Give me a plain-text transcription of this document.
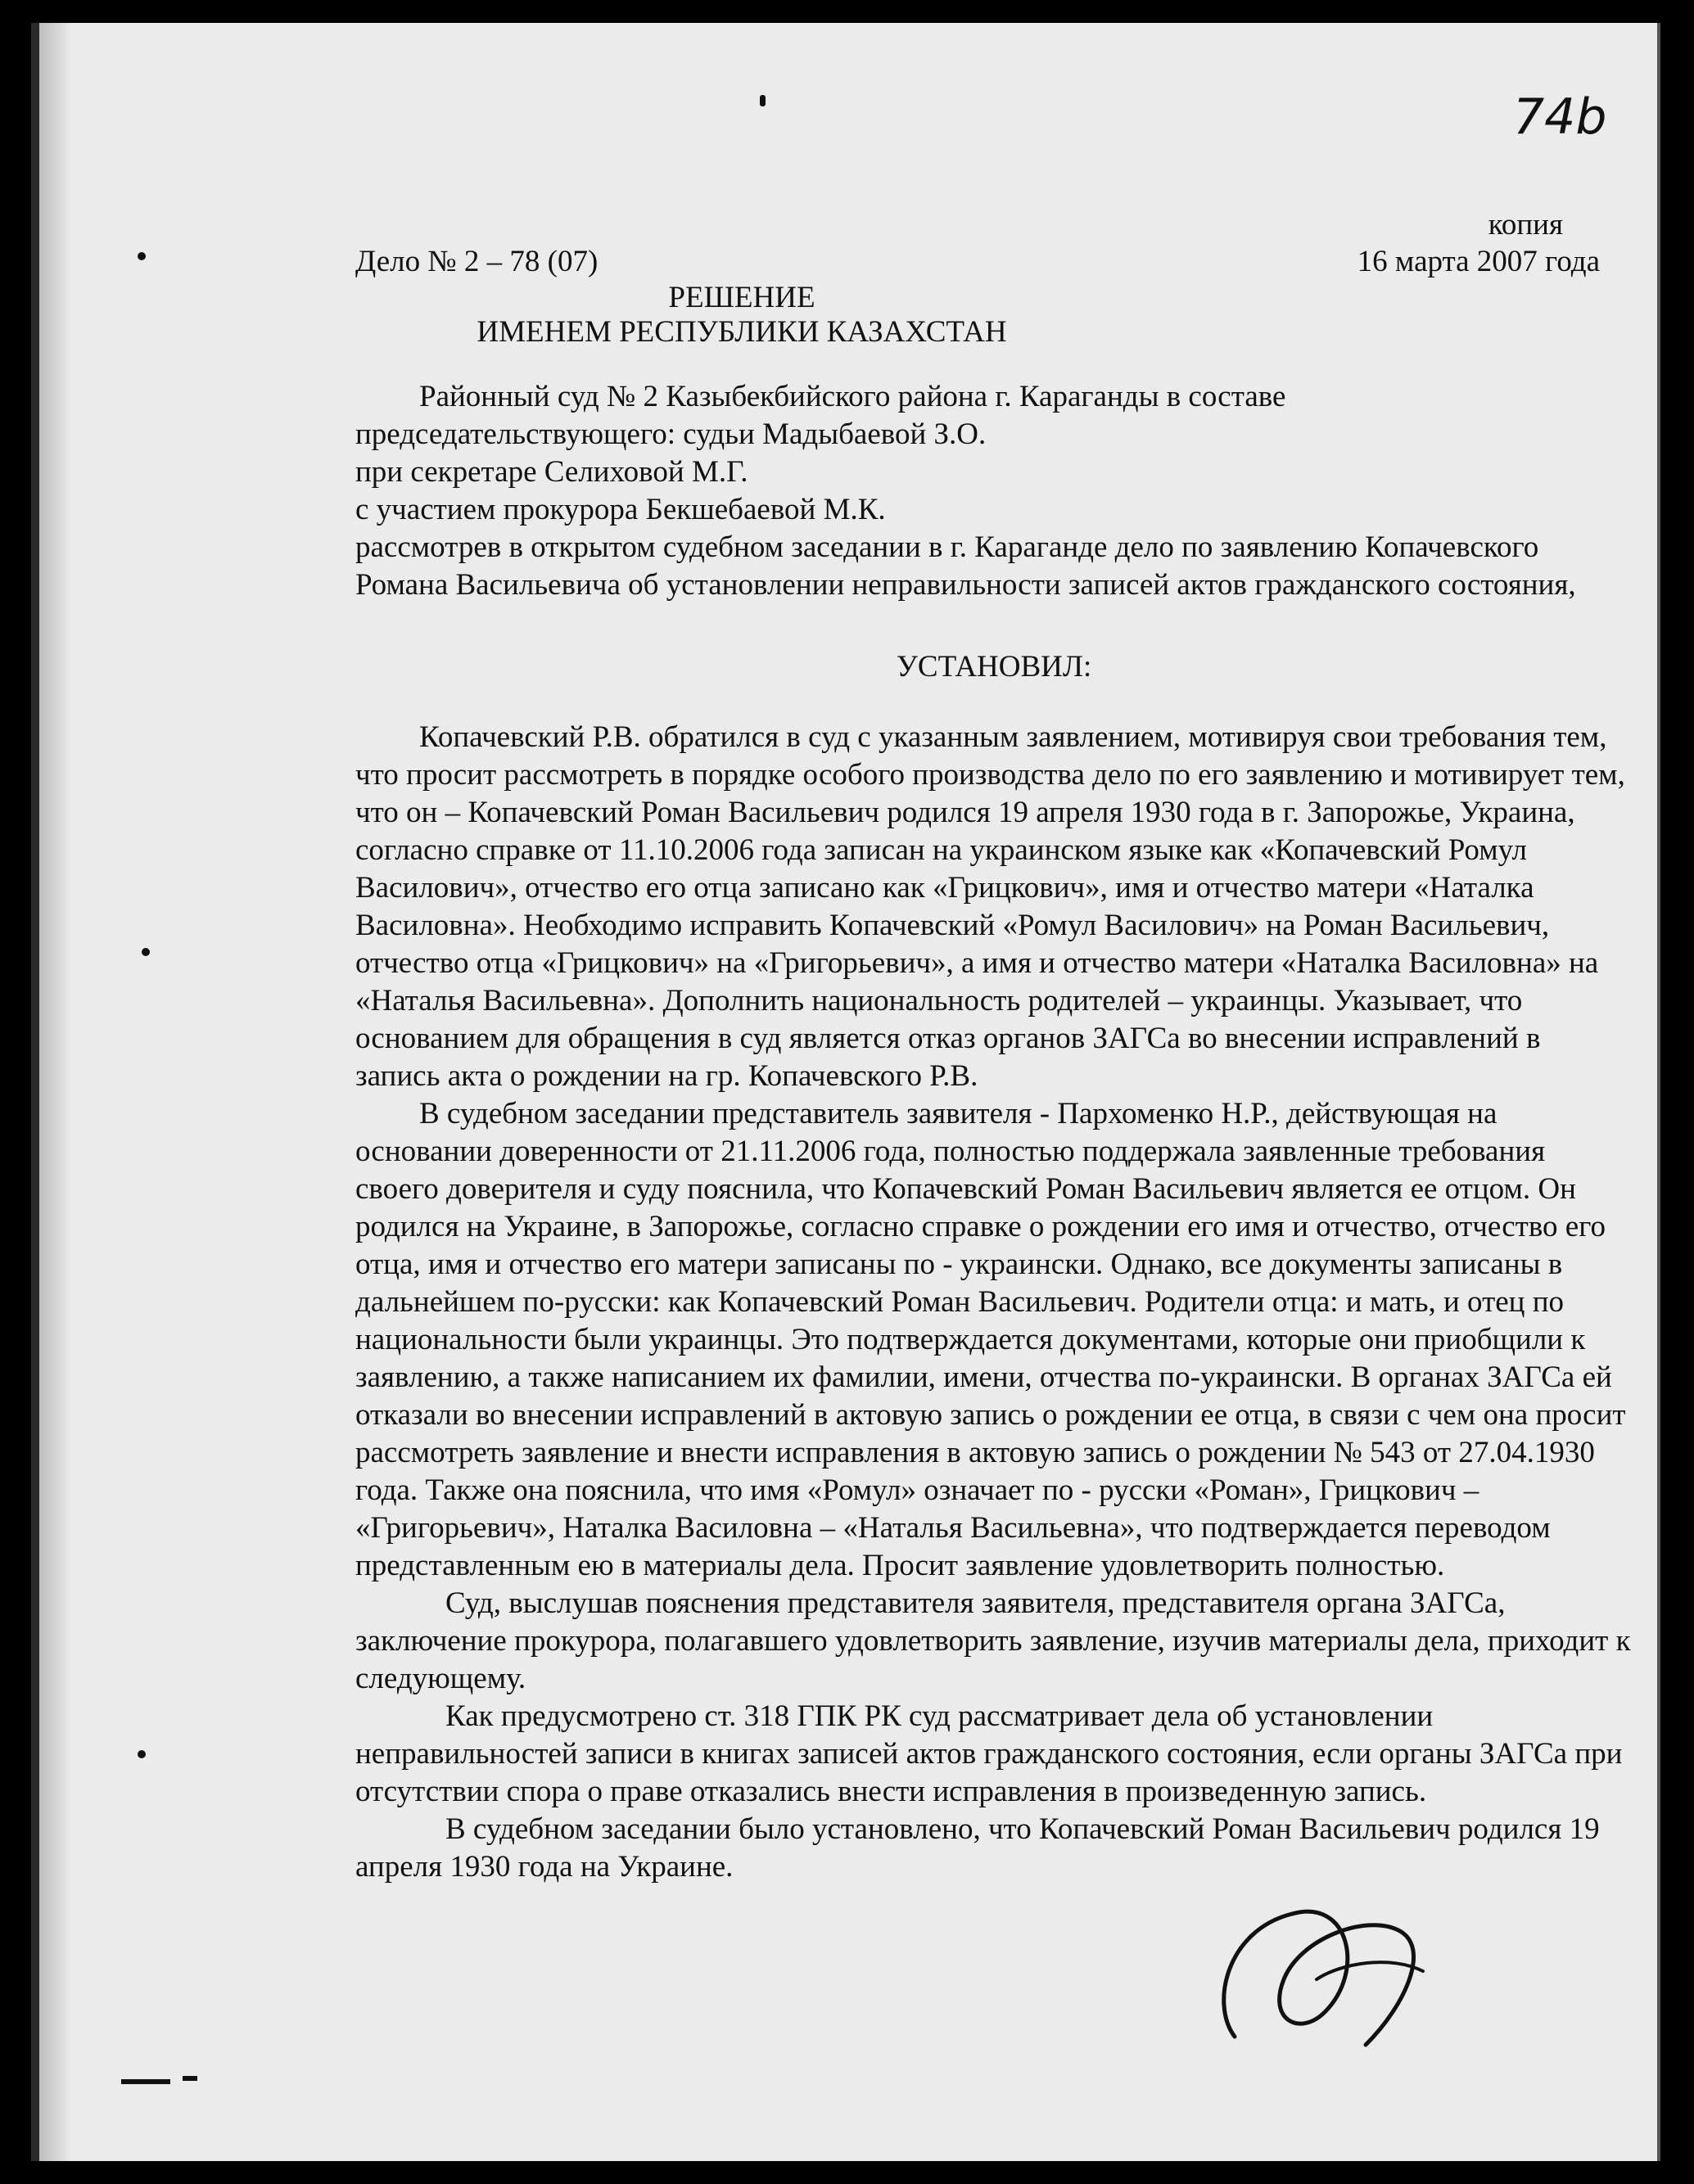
74b
копия
Дело № 2 – 78 (07)	16 марта 2007 года
РЕШЕНИЕ
ИМЕНЕМ РЕСПУБЛИКИ КАЗАХСТАН

Районный суд № 2 Казыбекбийского района г. Караганды в составе

председательствующего: судьи Мадыбаевой З.О.

при секретаре Селиховой М.Г.

с участием прокурора Бекшебаевой М.К.

рассмотрев в открытом судебном заседании в г. Караганде дело по заявлению Копачевского Романа Васильевича об установлении неправильности записей актов гражданского состояния,

УСТАНОВИЛ:

Копачевский Р.В. обратился в суд с указанным заявлением, мотивируя свои требования тем, что просит рассмотреть в порядке особого производства дело по его заявлению и мотивирует тем, что он – Копачевский Роман Васильевич родился 19 апреля 1930 года в г. Запорожье, Украина, согласно справке от 11.10.2006 года записан на украинском языке как «Копачевский Ромул Василович», отчество его отца записано как «Грицкович», имя и отчество матери «Наталка Василовна». Необходимо исправить Копачевский «Ромул Василович» на Роман Васильевич, отчество отца «Грицкович» на «Григорьевич», а имя и отчество матери «Наталка Василовна» на «Наталья Васильевна». Дополнить национальность родителей – украинцы. Указывает, что основанием для обращения в суд является отказ органов ЗАГСа во внесении исправлений в запись акта о рождении на гр. Копачевского Р.В.

В судебном заседании представитель заявителя - Пархоменко Н.Р., действующая на основании доверенности от 21.11.2006 года, полностью поддержала заявленные требования своего доверителя и суду пояснила, что Копачевский Роман Васильевич является ее отцом. Он родился на Украине, в Запорожье, согласно справке о рождении его имя и отчество, отчество его отца, имя и отчество его матери записаны по - украински. Однако, все документы записаны в дальнейшем по-русски: как Копачевский Роман Васильевич. Родители отца: и мать, и отец по национальности были украинцы. Это подтверждается документами, которые они приобщили к заявлению, а также написанием их фамилии, имени, отчества по-украински. В органах ЗАГСа ей отказали во внесении исправлений в актовую запись о рождении ее отца, в связи с чем она просит рассмотреть заявление и внести исправления в актовую запись о рождении № 543 от 27.04.1930 года. Также она пояснила, что имя «Ромул» означает по - русски «Роман», Грицкович – «Григорьевич», Наталка Василовна – «Наталья Васильевна», что подтверждается переводом представленным ею в материалы дела. Просит заявление удовлетворить полностью.

Суд, выслушав пояснения представителя заявителя, представителя органа ЗАГСа, заключение прокурора, полагавшего удовлетворить заявление, изучив материалы дела, приходит к следующему.

Как предусмотрено ст. 318 ГПК РК суд рассматривает дела об установлении неправильностей записи в книгах записей актов гражданского состояния, если органы ЗАГСа при отсутствии спора о праве отказались внести исправления в произведенную запись.

В судебном заседании было установлено, что Копачевский Роман Васильевич родился 19 апреля 1930 года на Украине.
